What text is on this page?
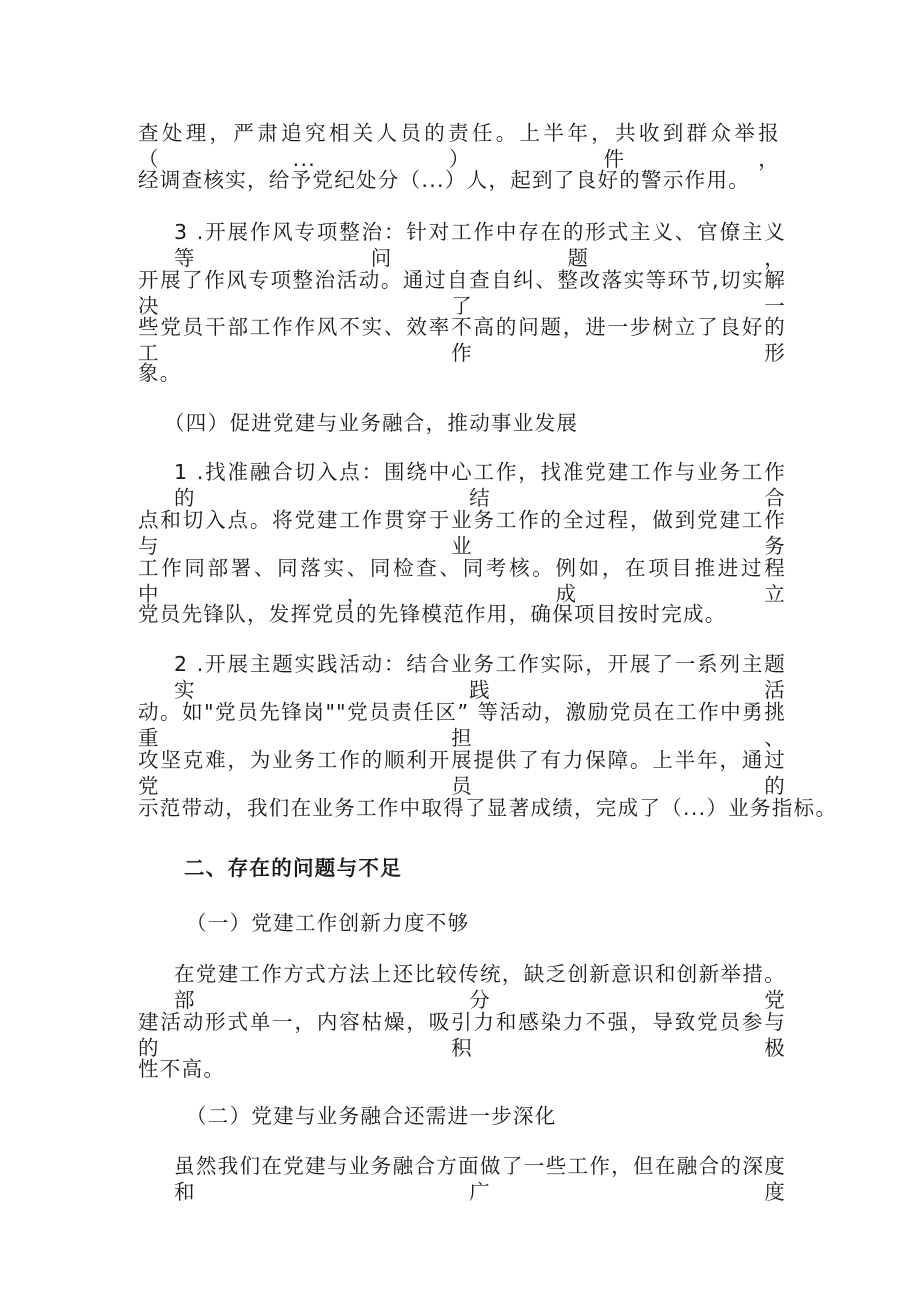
查处理，严肃追究相关人员的责任。上半年，共收到群众举报（...）件，

经调查核实，给予党纪处分（...）人，起到了良好的警示作用。

3 .开展作风专项整治：针对工作中存在的形式主义、官僚主义等问题，

开展了作风专项整治活动。通过自查自纠、整改落实等环节,切实解决了一

些党员干部工作作风不实、效率不高的问题，进一步树立了良好的工作形

象。

（四）促进党建与业务融合，推动事业发展

1 .找准融合切入点：围绕中心工作，找准党建工作与业务工作的结合

点和切入点。将党建工作贯穿于业务工作的全过程，做到党建工作与业务

工作同部署、同落实、同检查、同考核。例如，在项目推进过程中，成立

党员先锋队，发挥党员的先锋模范作用，确保项目按时完成。

2 .开展主题实践活动：结合业务工作实际，开展了一系列主题实践活

动。如"党员先锋岗""党员责任区” 等活动，激励党员在工作中勇挑重担、

攻坚克难，为业务工作的顺利开展提供了有力保障。上半年，通过党员的

示范带动，我们在业务工作中取得了显著成绩，完成了（...）业务指标。

二、存在的问题与不足

（一）党建工作创新力度不够

在党建工作方式方法上还比较传统，缺乏创新意识和创新举措。部分党

建活动形式单一，内容枯燥，吸引力和感染力不强，导致党员参与的积极

性不高。

（二）党建与业务融合还需进一步深化

虽然我们在党建与业务融合方面做了一些工作，但在融合的深度和广度
